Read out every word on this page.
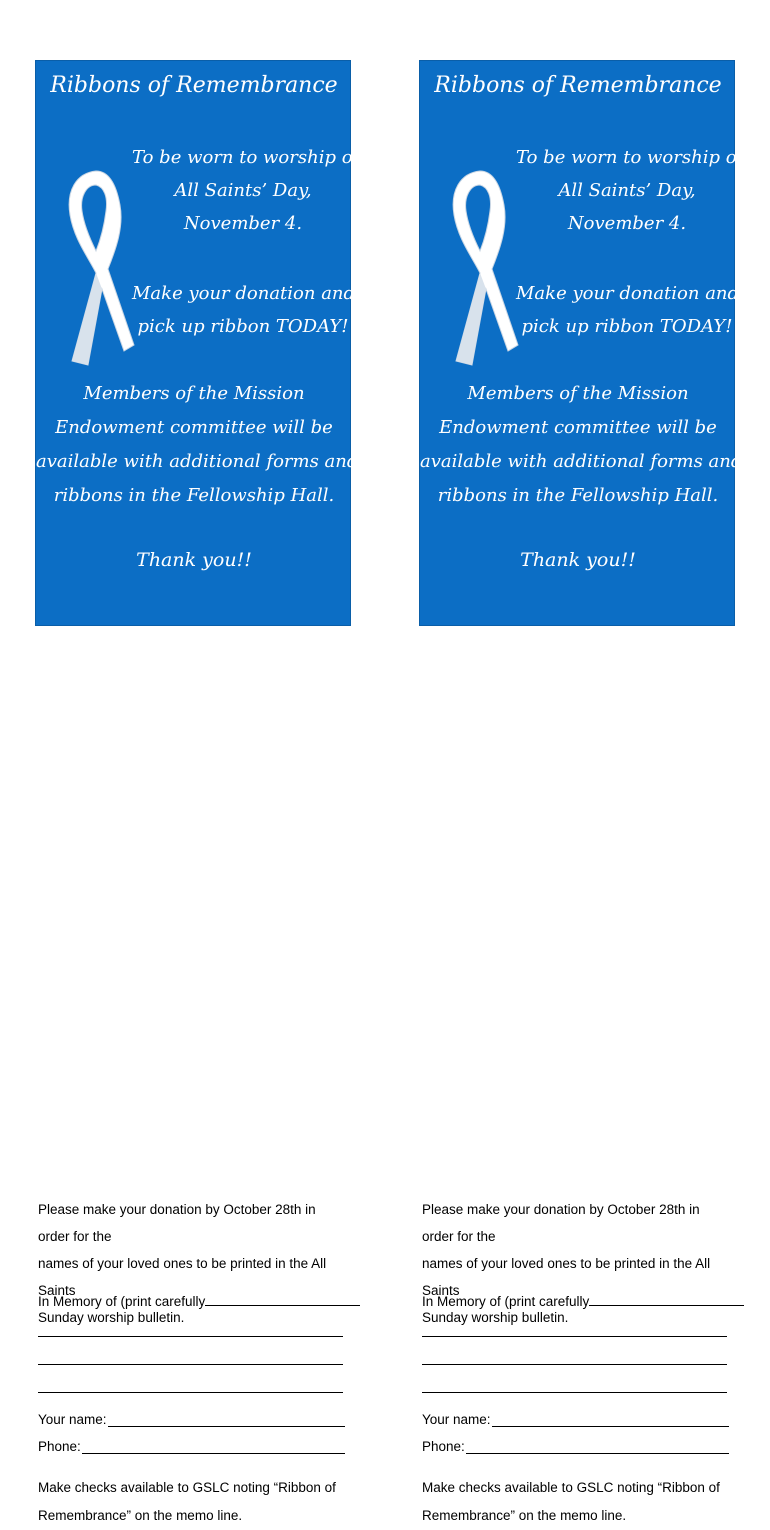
Ribbons of Remembrance
To be worn to worship on
All Saints’ Day,
November 4.
Make your donation and
pick up ribbon TODAY!
Members of the Mission
Endowment committee will be
available with additional forms and
ribbons in the Fellowship Hall.
Thank you!!
Please make your donation by October 28th in order for the
names of your loved ones to be printed in the All Saints
Sunday worship bulletin.
In Memory of (print carefully
Your name:
Phone:
Make checks available to GSLC noting “Ribbon of
Remembrance” on the memo line.
Ribbons of Remembrance
To be worn to worship on
All Saints’ Day,
November 4.
Make your donation and
pick up ribbon TODAY!
Members of the Mission
Endowment committee will be
available with additional forms and
ribbons in the Fellowship Hall.
Thank you!!
Please make your donation by October 28th in order for the
names of your loved ones to be printed in the All Saints
Sunday worship bulletin.
In Memory of (print carefully
Your name:
Phone:
Make checks available to GSLC noting “Ribbon of
Remembrance” on the memo line.
